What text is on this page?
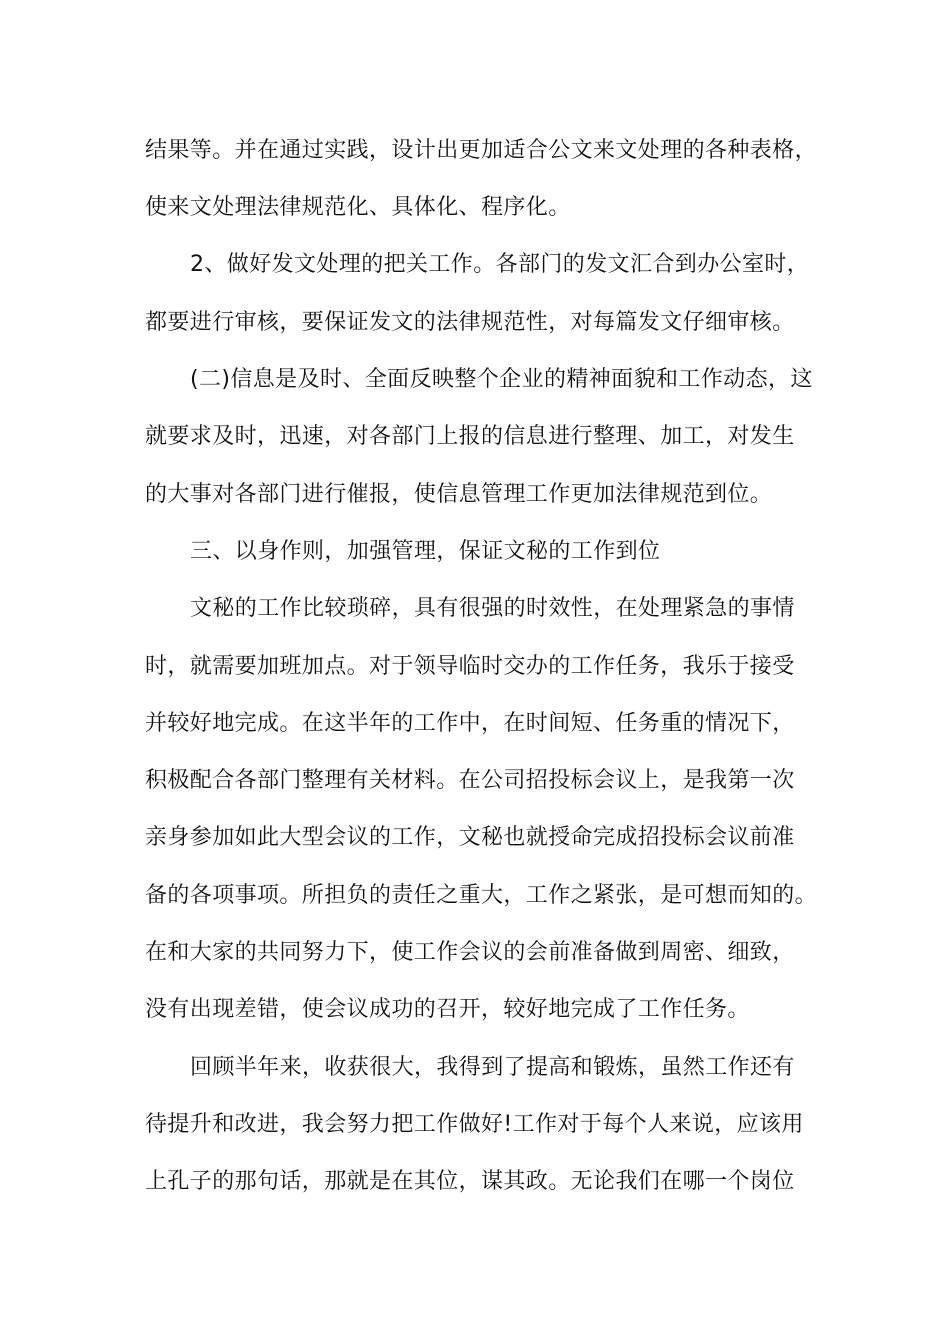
结果等。并在通过实践，设计出更加适合公文来文处理的各种表格，
使来文处理法律规范化、具体化、程序化。
2、做好发文处理的把关工作。各部门的发文汇合到办公室时，
都要进行审核，要保证发文的法律规范性，对每篇发文仔细审核。
(二)信息是及时、全面反映整个企业的精神面貌和工作动态，这
就要求及时，迅速，对各部门上报的信息进行整理、加工，对发生
的大事对各部门进行催报，使信息管理工作更加法律规范到位。
三、以身作则，加强管理，保证文秘的工作到位
文秘的工作比较琐碎，具有很强的时效性，在处理紧急的事情
时，就需要加班加点。对于领导临时交办的工作任务，我乐于接受
并较好地完成。在这半年的工作中，在时间短、任务重的情况下，
积极配合各部门整理有关材料。在公司招投标会议上，是我第一次
亲身参加如此大型会议的工作，文秘也就授命完成招投标会议前准
备的各项事项。所担负的责任之重大，工作之紧张，是可想而知的。
在和大家的共同努力下，使工作会议的会前准备做到周密、细致，
没有出现差错，使会议成功的召开，较好地完成了工作任务。
回顾半年来，收获很大，我得到了提高和锻炼，虽然工作还有
待提升和改进，我会努力把工作做好!工作对于每个人来说，应该用
上孔子的那句话，那就是在其位，谋其政。无论我们在哪一个岗位
